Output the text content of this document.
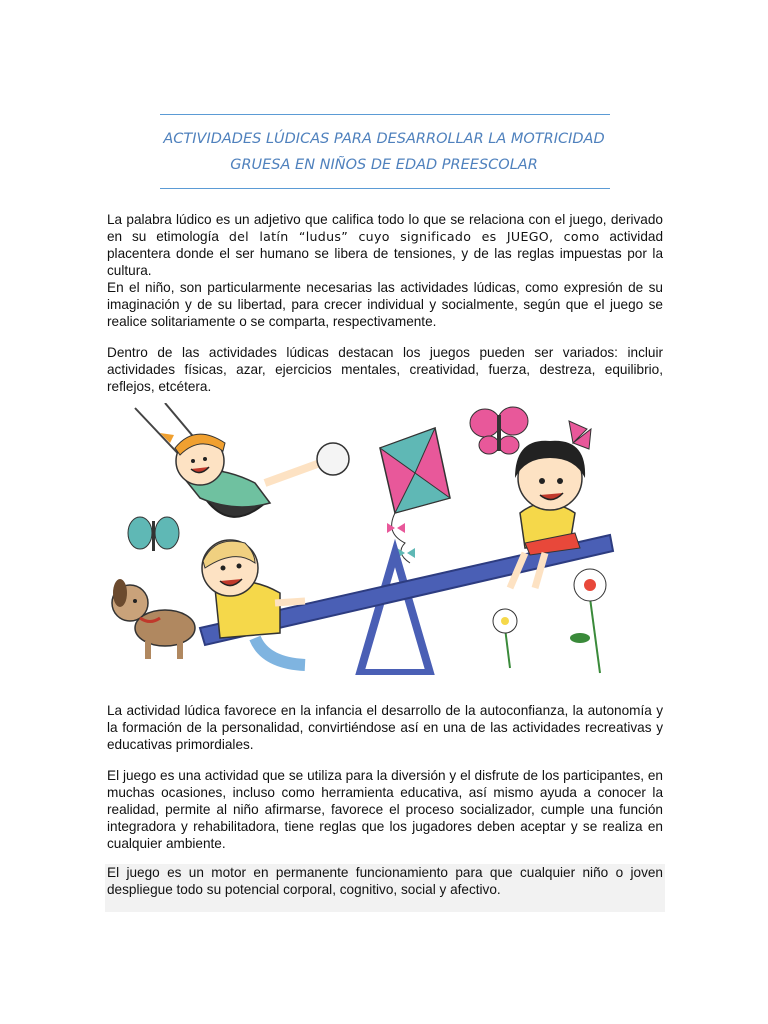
ACTIVIDADES LÚDICAS PARA DESARROLLAR LA MOTRICIDAD
GRUESA EN NIÑOS DE EDAD PREESCOLAR

La palabra lúdico es un adjetivo que califica todo lo que se relaciona con el juego, derivado en su etimología del latín “ludus” cuyo significado es JUEGO, como actividad placentera donde el ser humano se libera de tensiones, y de las reglas impuestas por la cultura.

En el niño, son particularmente necesarias las actividades lúdicas, como expresión de su imaginación y de su libertad, para crecer individual y socialmente, según que el juego se realice solitariamente o se comparta, respectivamente.

Dentro de las actividades lúdicas destacan los juegos pueden ser variados: incluir actividades físicas, azar, ejercicios mentales, creatividad, fuerza, destreza, equilibrio, reflejos, etcétera.

La actividad lúdica favorece en la infancia el desarrollo de la autoconfianza, la autonomía y la formación de la personalidad, convirtiéndose así en una de las actividades recreativas y educativas primordiales.

El juego es una actividad que se utiliza para la diversión y el disfrute de los participantes, en muchas ocasiones, incluso como herramienta educativa, así mismo ayuda a conocer la realidad, permite al niño afirmarse, favorece el proceso socializador, cumple una función integradora y rehabilitadora, tiene reglas que los jugadores deben aceptar y se realiza en cualquier ambiente.

El juego es un motor en permanente funcionamiento para que cualquier niño o joven despliegue todo su potencial corporal, cognitivo, social y afectivo.
